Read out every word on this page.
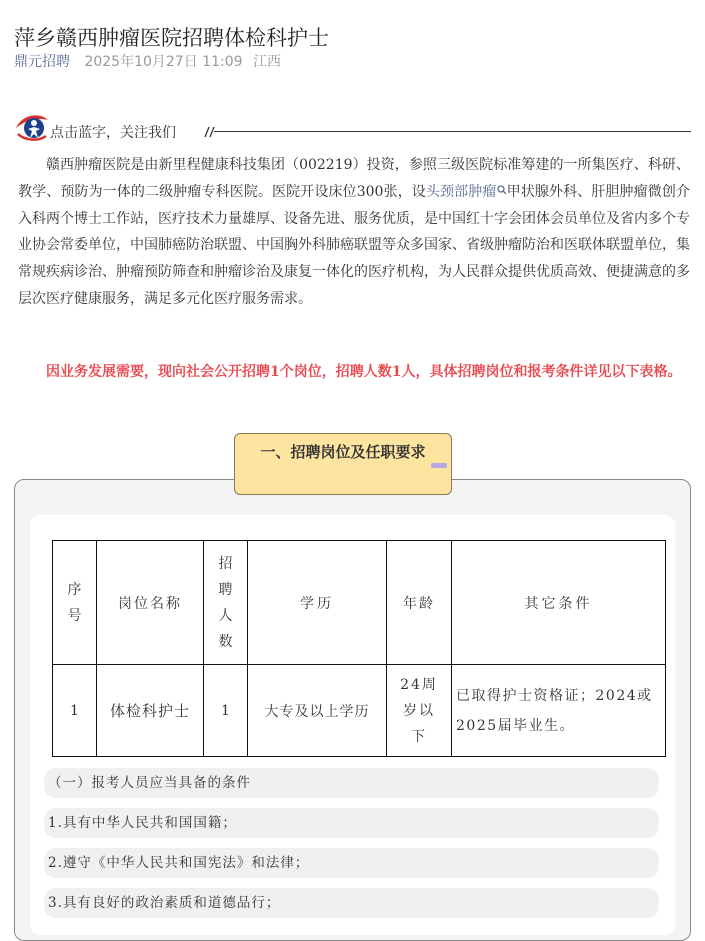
萍乡赣西肿瘤医院招聘体检科护士
鼎元招聘 2025年10月27日 11:09 江西
点击蓝字，关注我们

赣西肿瘤医院是由新里程健康科技集团（002219）投资，参照三级医院标准筹建的一所集医疗、科研、教学、预防为一体的二级肿瘤专科医院。医院开设床位300张，设头颈部肿瘤 甲状腺外科、肝胆肿瘤微创介入科两个博士工作站，医疗技术力量雄厚、设备先进、服务优质，是中国红十字会团体会员单位及省内多个专业协会常委单位，中国肺癌防治联盟、中国胸外科肺癌联盟等众多国家、省级肿瘤防治和医联体联盟单位，集常规疾病诊治、肿瘤预防筛查和肿瘤诊治及康复一体化的医疗机构，为人民群众提供优质高效、便捷满意的多层次医疗健康服务，满足多元化医疗服务需求。

因业务发展需要，现向社会公开招聘1个岗位，招聘人数1人，具体招聘岗位和报考条件详见以下表格。

一、招聘岗位及任职要求
序号	岗位名称	招聘人数	学历	年龄	其它条件
1	体检科护士	1	大专及以上学历	24周岁以下	已取得护士资格证；2024或2025届毕业生。
（一）报考人员应当具备的条件
1.具有中华人民共和国国籍；
2.遵守《中华人民共和国宪法》和法律；
3.具有良好的政治素质和道德品行；
